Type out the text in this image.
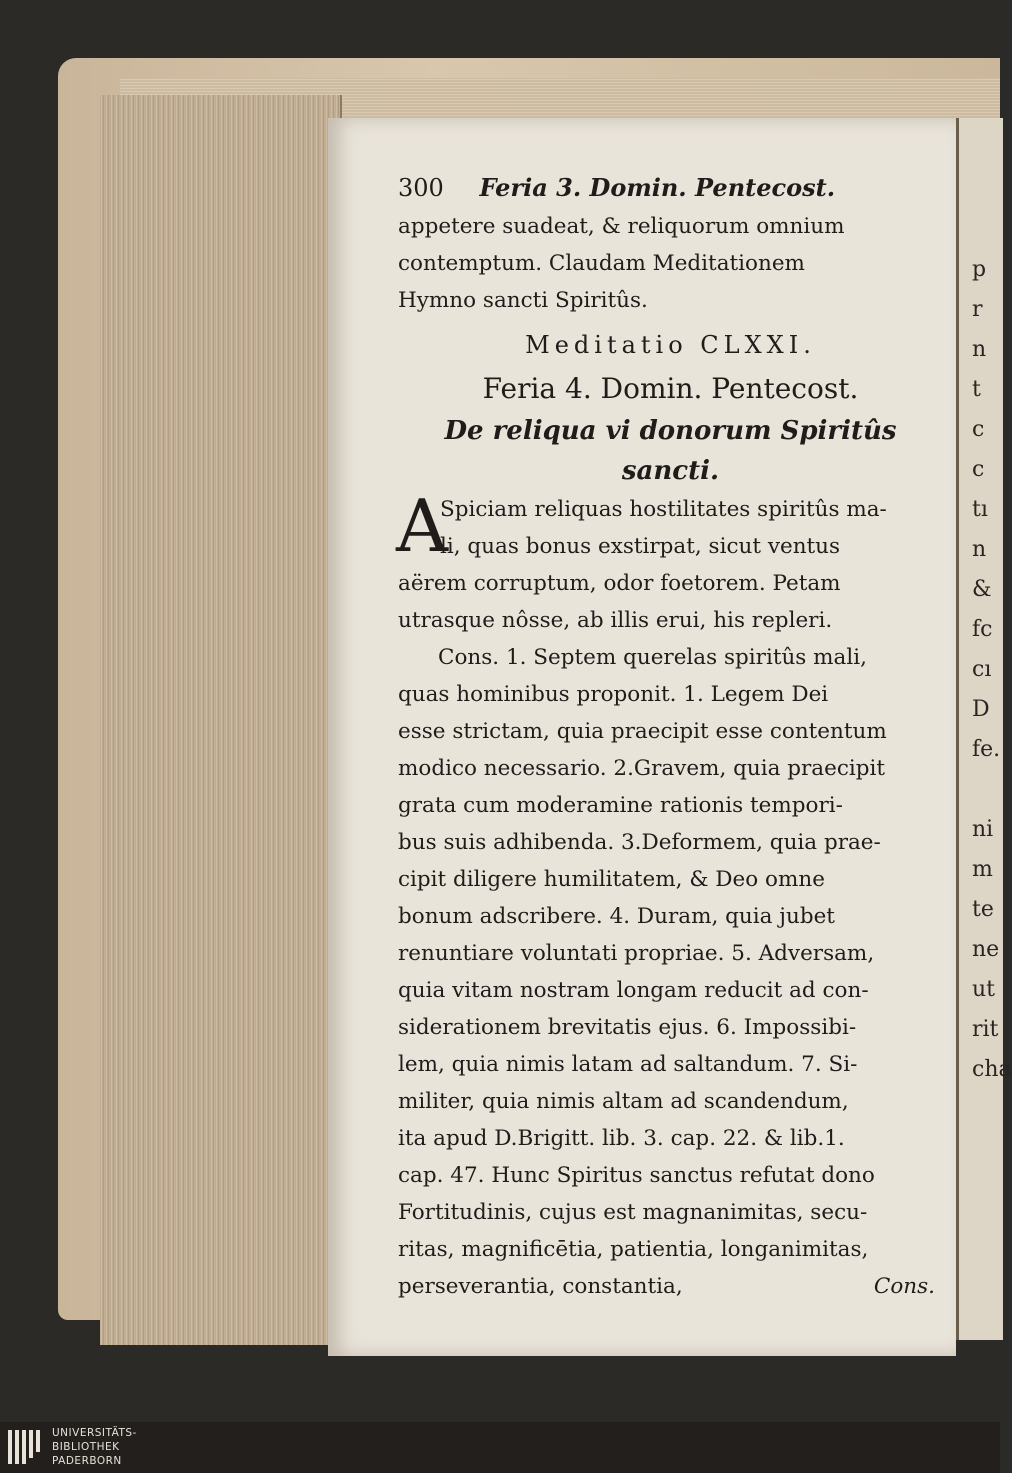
p
r
n
t
c
c
tı
n
&
fc
cı
D
fe.
ni
m
te
ne
ut
rit
cha
300 Feria 3. Domin. Pentecost.
appetere suadeat, & reliquorum omnium
contemptum. Claudam Meditationem
Hymno sancti Spiritûs.
Meditatio CLXXI.
Feria 4. Domin. Pentecost.
De reliqua vi donorum Spiritûs
sancti.
A
Spiciam reliquas hostilitates spiritûs ma-
li, quas bonus exstirpat, sicut ventus
aërem corruptum, odor foetorem. Petam
utrasque nôsse, ab illis erui, his repleri.
Cons. 1. Septem querelas spiritûs mali,
quas hominibus proponit. 1. Legem Dei
esse strictam, quia praecipit esse contentum
modico necessario. 2.Gravem, quia praecipit
grata cum moderamine rationis tempori-
bus suis adhibenda. 3.Deformem, quia prae-
cipit diligere humilitatem, & Deo omne
bonum adscribere. 4. Duram, quia jubet
renuntiare voluntati propriae. 5. Adversam,
quia vitam nostram longam reducit ad con-
siderationem brevitatis ejus. 6. Impossibi-
lem, quia nimis latam ad saltandum. 7. Si-
militer, quia nimis altam ad scandendum,
ita apud D.Brigitt. lib. 3. cap. 22. & lib.1.
cap. 47. Hunc Spiritus sanctus refutat dono
Fortitudinis, cujus est magnanimitas, secu-
ritas, magnificētia, patientia, longanimitas,
perseverantia, constantia,	Cons.
UNIVERSITÄTS-
BIBLIOTHEK
PADERBORN
